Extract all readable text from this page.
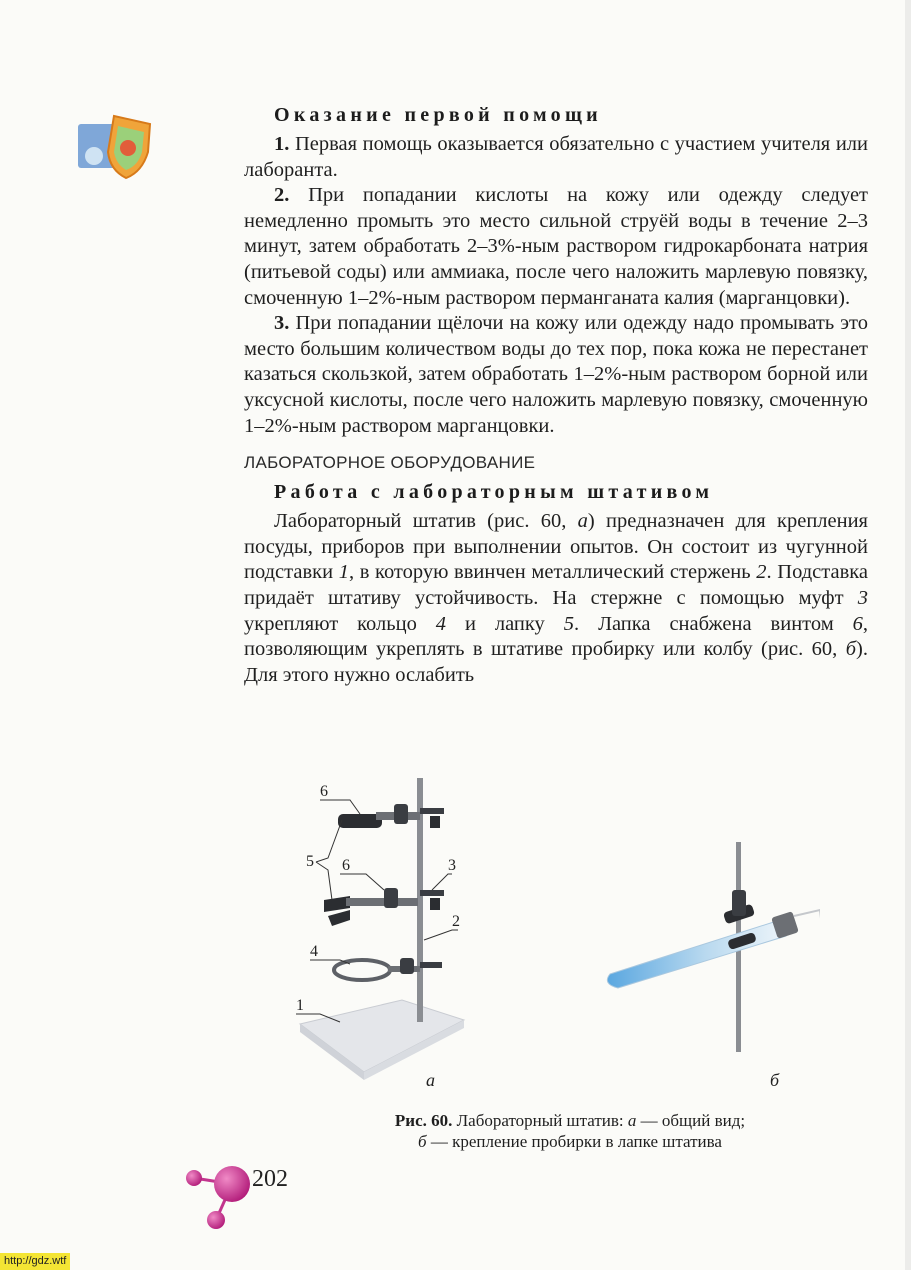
Оказание первой помощи

1. Первая помощь оказывается обязательно с участием учителя или лаборанта.

2. При попадании кислоты на кожу или одежду следует немедленно промыть это место сильной струёй воды в течение 2–3 минут, затем обработать 2–3%-ным раствором гидрокарбоната натрия (питьевой соды) или аммиака, после чего наложить марлевую повязку, смоченную 1–2%-ным раствором перманганата калия (марганцовки).

3. При попадании щёлочи на кожу или одежду надо промывать это место большим количеством воды до тех пор, пока кожа не перестанет казаться скользкой, затем обработать 1–2%-ным раствором борной или уксусной кислоты, после чего наложить марлевую повязку, смоченную 1–2%-ным раствором марганцовки.

ЛАБОРАТОРНОЕ ОБОРУДОВАНИЕ
Работа с лабораторным штативом

Лабораторный штатив (рис. 60, а) предназначен для крепления посуды, приборов при выполнении опытов. Он состоит из чугунной подставки 1, в которую ввинчен металлический стержень 2. Подставка придаёт штативу устойчивость. На стержне с помощью муфт 3 укрепляют кольцо 4 и лапку 5. Лапка снабжена винтом 6, позволяющим укреплять в штативе пробирку или колбу (рис. 60, б). Для этого нужно ослабить

6
5 6	3
2
4
1
а	б
Рис. 60. Лабораторный штатив: а — общий вид;
б — крепление пробирки в лапке штатива
202
http://gdz.wtf
